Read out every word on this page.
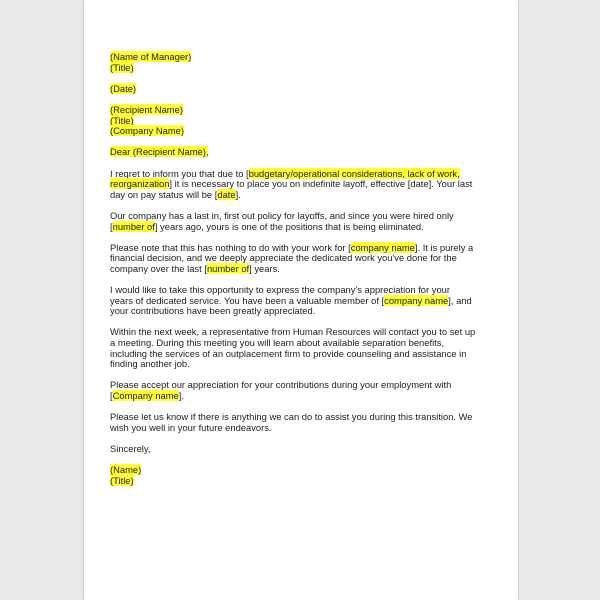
(Name of Manager)
(Title)
(Date)
(Recipient Name)
(Title)
(Company Name)
Dear (Recipient Name),

I regret to inform you that due to [budgetary/operational considerations, lack of work,
reorganization] it is necessary to place you on indefinite layoff, effective [date]. Your last
day on pay status will be [date].

Our company has a last in, first out policy for layoffs, and since you were hired only
[number of] years ago, yours is one of the positions that is being eliminated.

Please note that this has nothing to do with your work for [company name]. It is purely a
financial decision, and we deeply appreciate the dedicated work you've done for the
company over the last [number of] years.

I would like to take this opportunity to express the company's appreciation for your
years of dedicated service. You have been a valuable member of [company name], and
your contributions have been greatly appreciated.

Within the next week, a representative from Human Resources will contact you to set up
a meeting. During this meeting you will learn about available separation benefits,
including the services of an outplacement firm to provide counseling and assistance in
finding another job.

Please accept our appreciation for your contributions during your employment with
[Company name].

Please let us know if there is anything we can do to assist you during this transition. We
wish you well in your future endeavors.

Sincerely,

(Name)
(Title)
